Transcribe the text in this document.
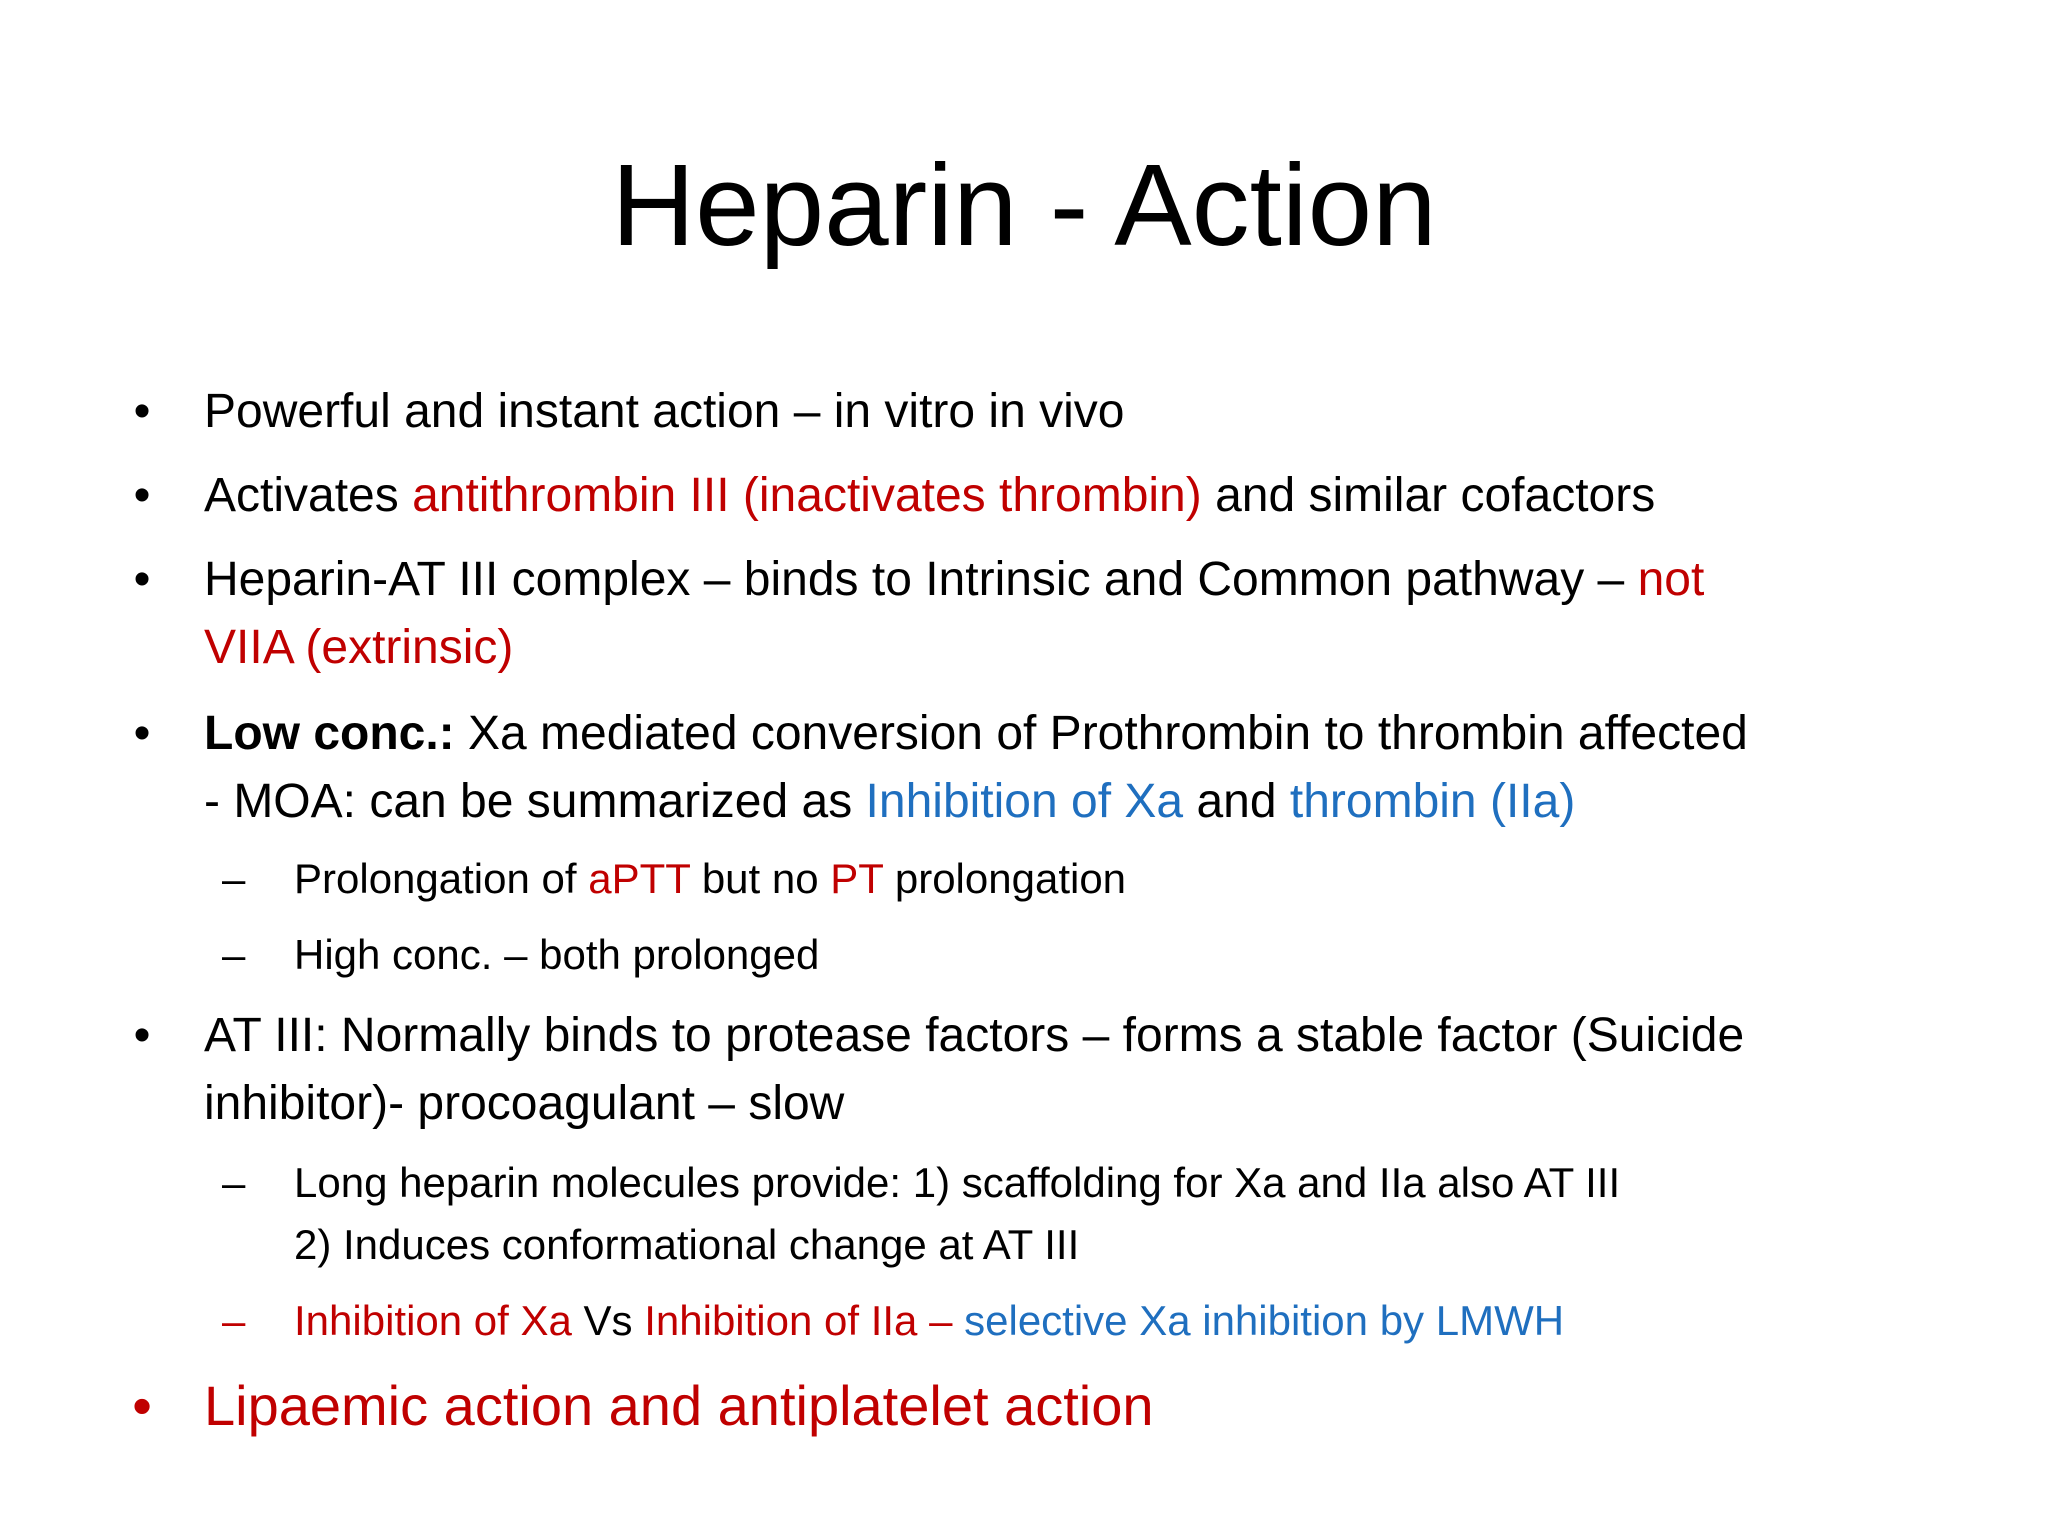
Heparin - Action
• Powerful and instant action – in vitro in vivo
• Activates antithrombin III (inactivates thrombin) and similar cofactors
• Heparin-AT III complex – binds to Intrinsic and Common pathway – not
VIIA (extrinsic)
• Low conc.: Xa mediated conversion of Prothrombin to thrombin affected
- MOA: can be summarized as Inhibition of Xa and thrombin (IIa)
–	Prolongation of aPTT but no PT prolongation
–	High conc. – both prolonged
• AT III: Normally binds to protease factors – forms a stable factor (Suicide
inhibitor)- procoagulant – slow
–	Long heparin molecules provide: 1) scaffolding for Xa and IIa also AT III
2) Induces conformational change at AT III
–	Inhibition of Xa Vs Inhibition of IIa – selective Xa inhibition by LMWH
• Lipaemic action and antiplatelet action
